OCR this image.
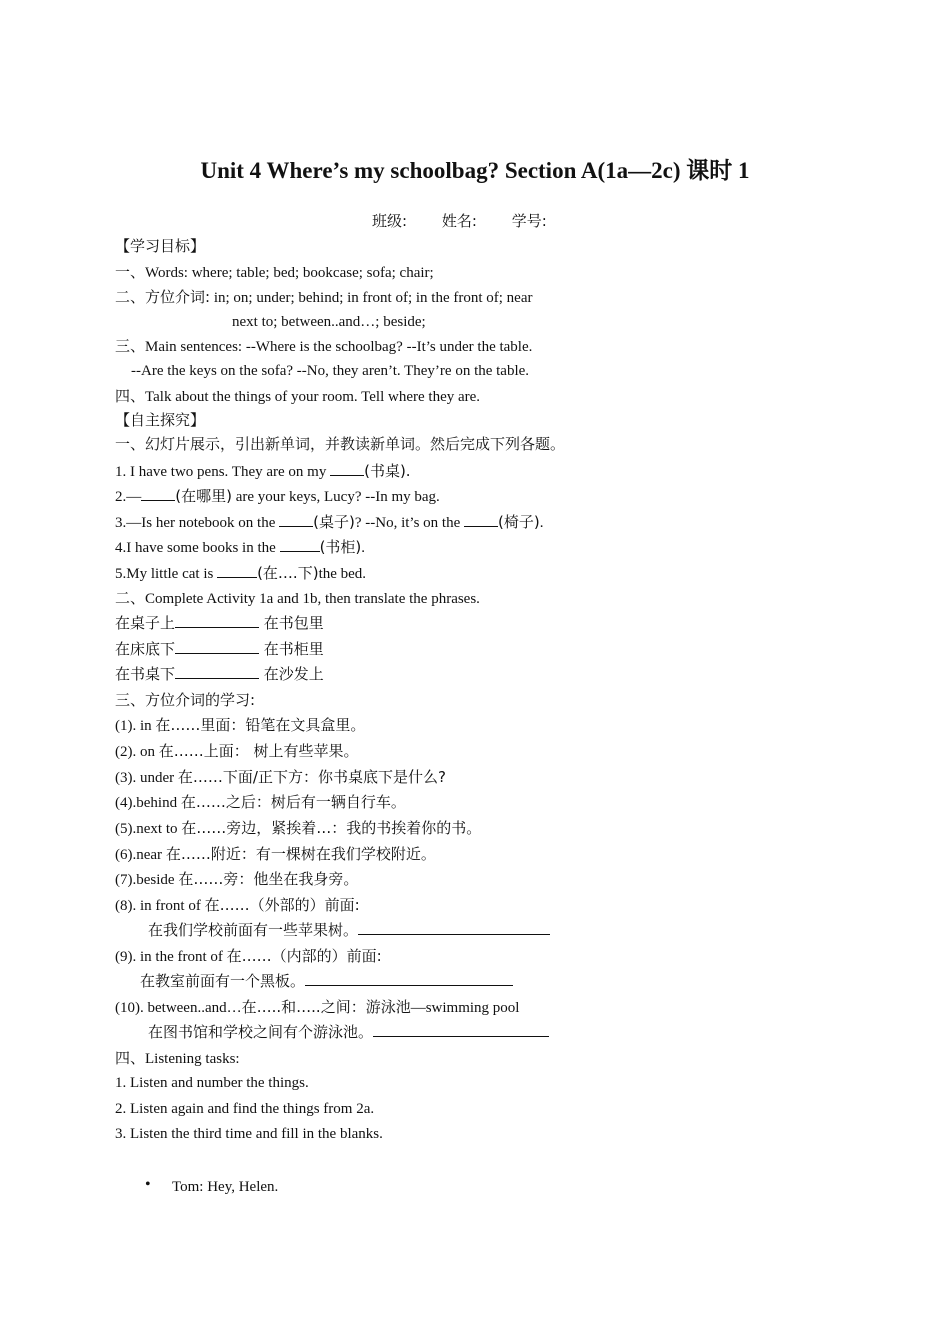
Unit 4 Where’s my schoolbag? Section A(1a—2c) 课时 1
班级: 姓名: 学号:
【学习目标】
一、Words: where; table; bed; bookcase; sofa; chair;
二、方位介词: in; on; under; behind; in front of; in the front of; near
next to; between..and…; beside;
三、Main sentences: --Where is the schoolbag? --It’s under the table.
--Are the keys on the sofa? --No, they aren’t. They’re on the table.
四、Talk about the things of your room. Tell where they are.
【自主探究】
一、幻灯片展示，引出新单词，并教读新单词。然后完成下列各题。
1. I have two pens. They are on my (书桌).
2.— (在哪里) are your keys, Lucy? --In my bag.
3.—Is her notebook on the (桌子)? --No, it’s on the (椅子).
4.I have some books in the	(书柜).
5.My little cat is	(在….下)the bed.
二、Complete Activity 1a and 1b, then translate the phrases.
在桌子上	在书包里
在床底下	在书柜里
在书桌下	在沙发上
三、方位介词的学习:
(1). in 在……里面：铅笔在文具盒里。
(2). on 在……上面： 树上有些苹果。
(3). under 在……下面/正下方：你书桌底下是什么?
(4).behind 在……之后：树后有一辆自行车。
(5).next to 在……旁边，紧挨着…：我的书挨着你的书。
(6).near 在……附近：有一棵树在我们学校附近。
(7).beside 在……旁：他坐在我身旁。
(8). in front of 在……（外部的）前面:
在我们学校前面有一些苹果树。
(9). in the front of 在……（内部的）前面:
在教室前面有一个黑板。
(10). between..and…在…..和…..之间：游泳池—swimming pool
在图书馆和学校之间有个游泳池。
四、Listening tasks:
1. Listen and number the things.
2. Listen again and find the things from 2a.
3. Listen the third time and fill in the blanks.
• Tom: Hey, Helen.
